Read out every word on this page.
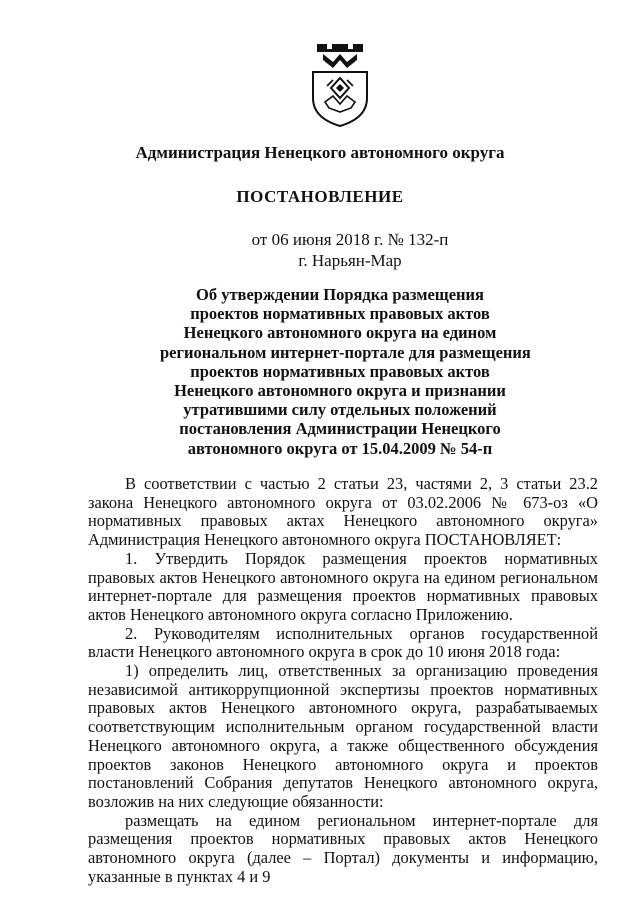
Администрация Ненецкого автономного округа
ПОСТАНОВЛЕНИЕ
от 06 июня 2018 г. № 132-п
г. Нарьян-Мар
Об утверждении Порядка размещения
проектов нормативных правовых актов
Ненецкого автономного округа на едином
региональном интернет-портале для размещения
проектов нормативных правовых актов
Ненецкого автономного округа и признании
утратившими силу отдельных положений
постановления Администрации Ненецкого
автономного округа от 15.04.2009 № 54-п

В соответствии с частью 2 статьи 23, частями 2, 3 статьи 23.2 закона Ненецкого автономного округа от 03.02.2006 № 673-оз «О нормативных правовых актах Ненецкого автономного округа» Администрация Ненецкого автономного округа ПОСТАНОВЛЯЕТ:

1. Утвердить Порядок размещения проектов нормативных правовых актов Ненецкого автономного округа на едином региональном интернет-портале для размещения проектов нормативных правовых актов Ненецкого автономного округа согласно Приложению.

2. Руководителям исполнительных органов государственной власти Ненецкого автономного округа в срок до 10 июня 2018 года:

1) определить лиц, ответственных за организацию проведения независимой антикоррупционной экспертизы проектов нормативных правовых актов Ненецкого автономного округа, разрабатываемых соответствующим исполнительным органом государственной власти Ненецкого автономного округа, а также общественного обсуждения проектов законов Ненецкого автономного округа и проектов постановлений Собрания депутатов Ненецкого автономного округа, возложив на них следующие обязанности:

размещать на едином региональном интернет-портале для размещения проектов нормативных правовых актов Ненецкого автономного округа (далее – Портал) документы и информацию, указанные в пунктах 4 и 9
